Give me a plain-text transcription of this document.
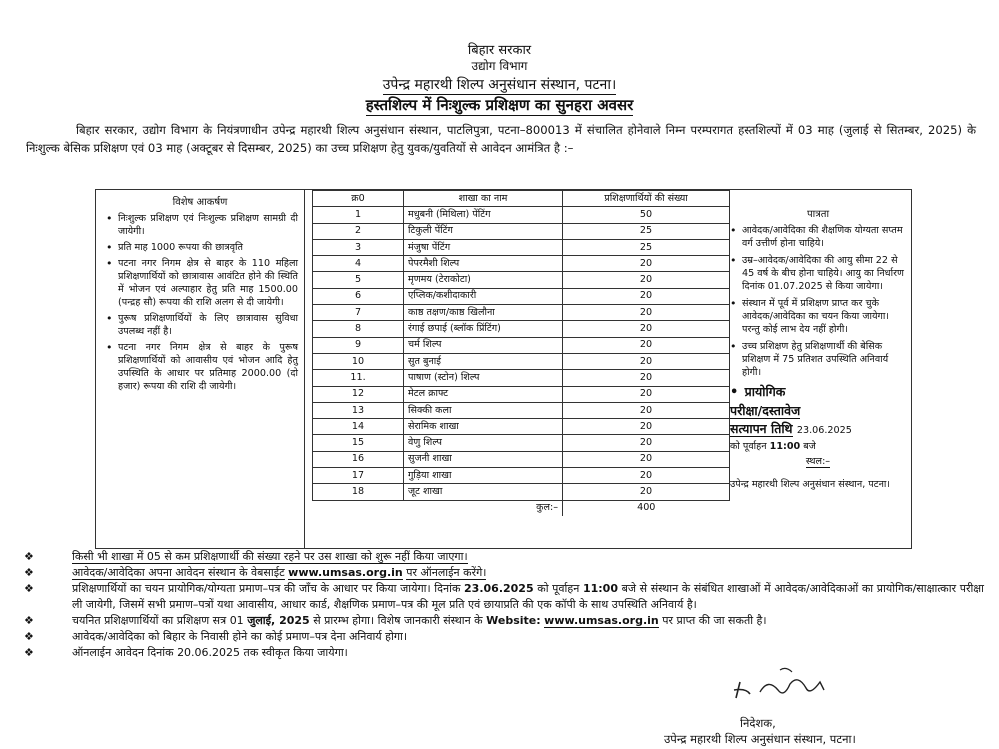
बिहार सरकार

उद्योग विभाग

उपेन्द्र महारथी शिल्प अनुसंधान संस्थान, पटना।

हस्तशिल्प में निःशुल्क प्रशिक्षण का सुनहरा अवसर

बिहार सरकार, उद्योग विभाग के नियंत्रणाधीन उपेन्द्र महारथी शिल्प अनुसंधान संस्थान, पाटलिपुत्रा, पटना–800013 में संचालित होनेवाले निम्न परम्परागत हस्तशिल्पों में 03 माह (जुलाई से सितम्बर, 2025) के निःशुल्क बेसिक प्रशिक्षण एवं 03 माह (अक्टूबर से दिसम्बर, 2025) का उच्च प्रशिक्षण हेतु युवक/युवतियों से आवेदन आमंत्रित है :–

विशेष आकर्षण

• निःशुल्क प्रशिक्षण एवं निःशुल्क प्रशिक्षण सामग्री दी जायेगी।
• प्रति माह 1000 रूपया की छात्रवृति
• पटना नगर निगम क्षेत्र से बाहर के 110 महिला प्रशिक्षणार्थियों को छात्रावास आवंटित होने की स्थिति में भोजन एवं अल्पाहार हेतु प्रति माह 1500.00 (पन्द्रह सौ) रूपया की राशि अलग से दी जायेगी।
• पुरूष प्रशिक्षणार्थियों के लिए छात्रावास सुविधा उपलब्ध नहीं है।
• पटना नगर निगम क्षेत्र से बाहर के पुरूष प्रशिक्षणार्थियों को आवासीय एवं भोजन आदि हेतु उपस्थिति के आधार पर प्रतिमाह 2000.00 (दो हजार) रूपया की राशि दी जायेगी।
क्र0	शाखा का नाम	प्रशिक्षणार्थियों की संख्या
1	मधुबनी (मिथिला) पेंटिंग	50
2	टिकुली पेंटिंग	25
3	मंजुषा पेंटिंग	25
4	पेपरमैशी शिल्प	20
5	मृणमय (टेराकोटा)	20
6	एप्लिक/कशीदाकारी	20
7	काष्ठ तक्षण/काष्ठ खिलौना	20
8	रंगाई छपाई (ब्लॉक प्रिंटिंग)	20
9	चर्म शिल्प	20
10	सुत बुनाई	20
11.	पाषाण (स्टोन) शिल्प	20
12	मेटल क्राफ्ट	20
13	सिक्की कला	20
14	सेरामिक शाखा	20
15	वेणु शिल्प	20
16	सुजनी शाखा	20
17	गुड़िया शाखा	20
18	जूट शाखा	20
	कुल:–	400

पात्रता

• आवेदक/आवेदिका की शैक्षणिक योग्यता सप्तम वर्ग उत्तीर्ण होना चाहिये।
• उम्र–आवेदक/आवेदिका की आयु सीमा 22 से 45 वर्ष के बीच होना चाहिये। आयु का निर्धारण दिनांक 01.07.2025 से किया जायेगा।
• संस्थान में पूर्व में प्रशिक्षण प्राप्त कर चुके आवेदक/आवेदिका का चयन किया जायेगा। परन्तु कोई लाभ देय नहीं होगी।
• उच्च प्रशिक्षण हेतु प्रशिक्षणार्थी की बेसिक प्रशिक्षण में 75 प्रतिशत उपस्थिति अनिवार्य होगी।
• प्रायोगिक
परीक्षा/दस्तावेज
सत्यापन तिथि 23.06.2025
को पूर्वाहन 11:00 बजे

स्थल:–

उपेन्द्र महारथी शिल्प अनुसंधान संस्थान, पटना।
❖	किसी भी शाखा में 05 से कम प्रशिक्षणार्थी की संख्या रहने पर उस शाखा को शुरू नहीं किया जाएगा।
❖	आवेदक/आवेदिका अपना आवेदन संस्थान के वेबसाईट www.umsas.org.in पर ऑनलाईन करेंगे।
❖	प्रशिक्षणार्थियों का चयन प्रायोगिक/योग्यता प्रमाण–पत्र की जाँच के आधार पर किया जायेगा। दिनांक 23.06.2025 को पूर्वाहन 11:00 बजे से संस्थान के संबंधित शाखाओं में आवेदक/आवेदिकाओं का प्रायोगिक/साक्षात्कार परीक्षा ली जायेगी, जिसमें सभी प्रमाण–पत्रों यथा आवासीय, आधार कार्ड, शैक्षणिक प्रमाण–पत्र की मूल प्रति एवं छायाप्रति की एक कॉपी के साथ उपस्थिति अनिवार्य है।
❖	चयनित प्रशिक्षणार्थियों का प्रशिक्षण सत्र 01 जुलाई, 2025 से प्रारम्भ होगा। विशेष जानकारी संस्थान के Website: www.umsas.org.in पर प्राप्त की जा सकती है।
❖	आवेदक/आवेदिका को बिहार के निवासी होने का कोई प्रमाण–पत्र देना अनिवार्य होगा।
❖	ऑनलाईन आवेदन दिनांक 20.06.2025 तक स्वीकृत किया जायेगा।

निदेशक,

उपेन्द्र महारथी शिल्प अनुसंधान संस्थान, पटना।
